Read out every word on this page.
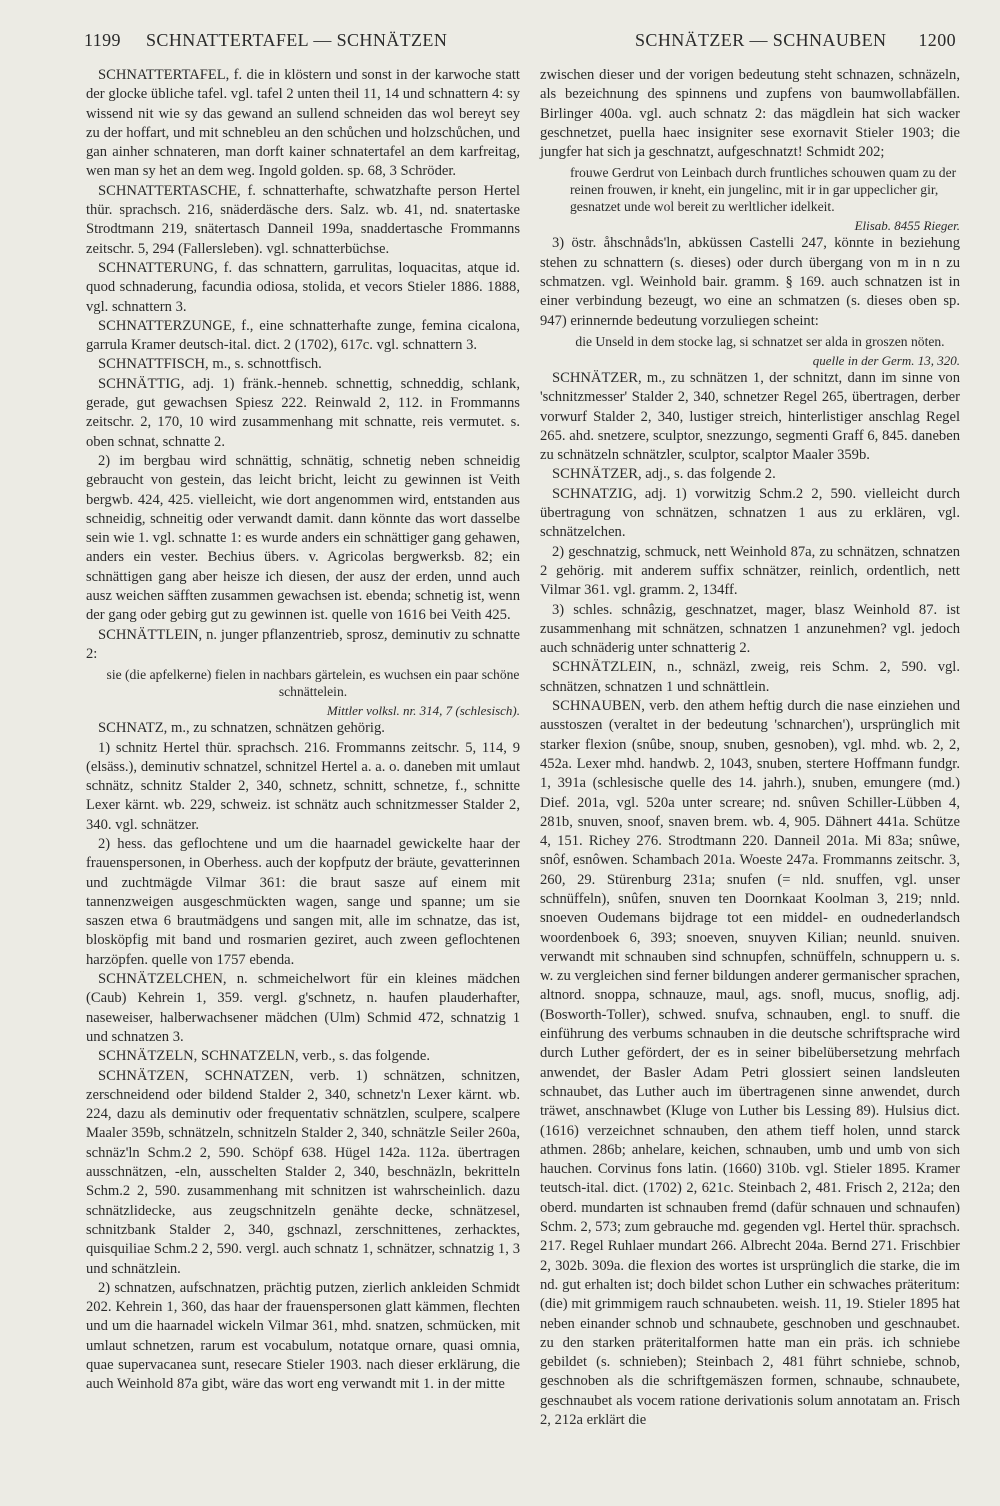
1199 SCHNATTERTAFEL — SCHNÄTZEN	SCHNÄTZER — SCHNAUBEN 1200
SCHNATTERTAFEL, f. die in klöstern und sonst in der karwoche statt der glocke übliche tafel. vgl. tafel 2 unten theil 11, 14 und schnattern 4: sy wissend nit wie sy das gewand an sullend schneiden das wol bereyt sey zu der hoffart, und mit schnebleu an den schůchen und holzschůchen, und gan ainher schnateren, man dorft kainer schnatertafel an dem karfreitag, wen man sy het an dem weg. Ingold golden. sp. 68, 3 Schröder.
SCHNATTERTASCHE, f. schnatterhafte, schwatzhafte person Hertel thür. sprachsch. 216, snäderdäsche ders. Salz. wb. 41, nd. snatertaske Strodtmann 219, snätertasch Danneil 199a, snaddertasche Frommanns zeitschr. 5, 294 (Fallersleben). vgl. schnatterbüchse.
SCHNATTERUNG, f. das schnattern, garrulitas, loquacitas, atque id. quod schnaderung, facundia odiosa, stolida, et vecors Stieler 1886. 1888, vgl. schnattern 3.
SCHNATTERZUNGE, f., eine schnatterhafte zunge, femina cicalona, garrula Kramer deutsch-ital. dict. 2 (1702), 617c. vgl. schnattern 3.
SCHNATTFISCH, m., s. schnottfisch.
SCHNÄTTIG, adj. 1) fränk.-henneb. schnettig, schneddig, schlank, gerade, gut gewachsen Spiesz 222. Reinwald 2, 112. in Frommanns zeitschr. 2, 170, 10 wird zusammenhang mit schnatte, reis vermutet. s. oben schnat, schnatte 2.
2) im bergbau wird schnättig, schnätig, schnetig neben schneidig gebraucht von gestein, das leicht bricht, leicht zu gewinnen ist Veith bergwb. 424, 425. vielleicht, wie dort angenommen wird, entstanden aus schneidig, schneitig oder verwandt damit. dann könnte das wort dasselbe sein wie 1. vgl. schnatte 1: es wurde anders ein schnättiger gang gehawen, anders ein vester. Bechius übers. v. Agricolas bergwerksb. 82; ein schnättigen gang aber heisze ich diesen, der ausz der erden, unnd auch ausz weichen säfften zusammen gewachsen ist. ebenda; schnetig ist, wenn der gang oder gebirg gut zu gewinnen ist. quelle von 1616 bei Veith 425.
SCHNÄTTLEIN, n. junger pflanzentrieb, sprosz, deminutiv zu schnatte 2:
sie (die apfelkerne) fielen in nachbars gärtelein, es wuchsen ein paar schöne schnättelein.
Mittler volksl. nr. 314, 7 (schlesisch).
SCHNATZ, m., zu schnatzen, schnätzen gehörig.
1) schnitz Hertel thür. sprachsch. 216. Frommanns zeitschr. 5, 114, 9 (elsäss.), deminutiv schnatzel, schnitzel Hertel a. a. o. daneben mit umlaut schnätz, schnitz Stalder 2, 340, schnetz, schnitt, schnetze, f., schnitte Lexer kärnt. wb. 229, schweiz. ist schnätz auch schnitzmesser Stalder 2, 340. vgl. schnätzer.
2) hess. das geflochtene und um die haarnadel gewickelte haar der frauenspersonen, in Oberhess. auch der kopfputz der bräute, gevatterinnen und zuchtmägde Vilmar 361: die braut sasze auf einem mit tannenzweigen ausgeschmückten wagen, sange und spanne; um sie saszen etwa 6 brautmädgens und sangen mit, alle im schnatze, das ist, blosköpfig mit band und rosmarien geziret, auch zween geflochtenen harzöpfen. quelle von 1757 ebenda.
SCHNÄTZELCHEN, n. schmeichelwort für ein kleines mädchen (Caub) Kehrein 1, 359. vergl. g'schnetz, n. haufen plauderhafter, naseweiser, halberwachsener mädchen (Ulm) Schmid 472, schnatzig 1 und schnatzen 3.
SCHNÄTZELN, SCHNATZELN, verb., s. das folgende.
SCHNÄTZEN, SCHNATZEN, verb. 1) schnätzen, schnitzen, zerschneidend oder bildend Stalder 2, 340, schnetz'n Lexer kärnt. wb. 224, dazu als deminutiv oder frequentativ schnätzlen, sculpere, scalpere Maaler 359b, schnätzeln, schnitzeln Stalder 2, 340, schnätzle Seiler 260a, schnäz'ln Schm.2 2, 590. Schöpf 638. Hügel 142a. 112a. übertragen ausschnätzen, -eln, ausschelten Stalder 2, 340, beschnäzln, bekritteln Schm.2 2, 590. zusammenhang mit schnitzen ist wahrscheinlich. dazu schnätzlidecke, aus zeugschnitzeln genähte decke, schnätzesel, schnitzbank Stalder 2, 340, gschnazl, zerschnittenes, zerhacktes, quisquiliae Schm.2 2, 590. vergl. auch schnatz 1, schnätzer, schnatzig 1, 3 und schnätzlein.
2) schnatzen, aufschnatzen, prächtig putzen, zierlich ankleiden Schmidt 202. Kehrein 1, 360, das haar der frauenspersonen glatt kämmen, flechten und um die haarnadel wickeln Vilmar 361, mhd. snatzen, schmücken, mit umlaut schnetzen, rarum est vocabulum, notatque ornare, quasi omnia, quae supervacanea sunt, resecare Stieler 1903. nach dieser erklärung, die auch Weinhold 87a gibt, wäre das wort eng verwandt mit 1. in der mitte
zwischen dieser und der vorigen bedeutung steht schnazen, schnäzeln, als bezeichnung des spinnens und zupfens von baumwollabfällen. Birlinger 400a. vgl. auch schnatz 2: das mägdlein hat sich wacker geschnetzet, puella haec insigniter sese exornavit Stieler 1903; die jungfer hat sich ja geschnatzt, aufgeschnatzt! Schmidt 202;
frouwe Gerdrut von Leinbach durch fruntliches schouwen quam zu der reinen frouwen, ir kneht, ein jungelinc, mit ir in gar uppeclicher gir, gesnatzet unde wol bereit zu werltlicher idelkeit.
Elisab. 8455 Rieger.
3) östr. åhschnåds'ln, abküssen Castelli 247, könnte in beziehung stehen zu schnattern (s. dieses) oder durch übergang von m in n zu schmatzen. vgl. Weinhold bair. gramm. § 169. auch schnatzen ist in einer verbindung bezeugt, wo eine an schmatzen (s. dieses oben sp. 947) erinnernde bedeutung vorzuliegen scheint:
die Unseld in dem stocke lag, si schnatzet ser alda in groszen nöten.
quelle in der Germ. 13, 320.
SCHNÄTZER, m., zu schnätzen 1, der schnitzt, dann im sinne von 'schnitzmesser' Stalder 2, 340, schnetzer Regel 265, übertragen, derber vorwurf Stalder 2, 340, lustiger streich, hinterlistiger anschlag Regel 265. ahd. snetzere, sculptor, snezzungo, segmenti Graff 6, 845. daneben zu schnätzeln schnätzler, sculptor, scalptor Maaler 359b.
SCHNÄTZER, adj., s. das folgende 2.
SCHNATZIG, adj. 1) vorwitzig Schm.2 2, 590. vielleicht durch übertragung von schnätzen, schnatzen 1 aus zu erklären, vgl. schnätzelchen.
2) geschnatzig, schmuck, nett Weinhold 87a, zu schnätzen, schnatzen 2 gehörig. mit anderem suffix schnätzer, reinlich, ordentlich, nett Vilmar 361. vgl. gramm. 2, 134ff.
3) schles. schnâzig, geschnatzet, mager, blasz Weinhold 87. ist zusammenhang mit schnätzen, schnatzen 1 anzunehmen? vgl. jedoch auch schnäderig unter schnatterig 2.
SCHNÄTZLEIN, n., schnäzl, zweig, reis Schm. 2, 590. vgl. schnätzen, schnatzen 1 und schnättlein.
SCHNAUBEN, verb. den athem heftig durch die nase einziehen und ausstoszen (veraltet in der bedeutung 'schnarchen'), ursprünglich mit starker flexion (snûbe, snoup, snuben, gesnoben), vgl. mhd. wb. 2, 2, 452a. Lexer mhd. handwb. 2, 1043, snuben, stertere Hoffmann fundgr. 1, 391a (schlesische quelle des 14. jahrh.), snuben, emungere (md.) Dief. 201a, vgl. 520a unter screare; nd. snûven Schiller-Lübben 4, 281b, snuven, snoof, snaven brem. wb. 4, 905. Dähnert 441a. Schütze 4, 151. Richey 276. Strodtmann 220. Danneil 201a. Mi 83a; snûwe, snôf, esnôwen. Schambach 201a. Woeste 247a. Frommanns zeitschr. 3, 260, 29. Stürenburg 231a; snufen (= nld. snuffen, vgl. unser schnüffeln), snûfen, snuven ten Doornkaat Koolman 3, 219; nnld. snoeven Oudemans bijdrage tot een middel- en oudnederlandsch woordenboek 6, 393; snoeven, snuyven Kilian; neunld. snuiven. verwandt mit schnauben sind schnupfen, schnüffeln, schnuppern u. s. w. zu vergleichen sind ferner bildungen anderer germanischer sprachen, altnord. snoppa, schnauze, maul, ags. snofl, mucus, snoflig, adj. (Bosworth-Toller), schwed. snufva, schnauben, engl. to snuff. die einführung des verbums schnauben in die deutsche schriftsprache wird durch Luther gefördert, der es in seiner bibelübersetzung mehrfach anwendet, der Basler Adam Petri glossiert seinen landsleuten schnaubet, das Luther auch im übertragenen sinne anwendet, durch träwet, anschnawbet (Kluge von Luther bis Lessing 89). Hulsius dict. (1616) verzeichnet schnauben, den athem tieff holen, unnd starck athmen. 286b; anhelare, keichen, schnauben, umb und umb von sich hauchen. Corvinus fons latin. (1660) 310b. vgl. Stieler 1895. Kramer teutsch-ital. dict. (1702) 2, 621c. Steinbach 2, 481. Frisch 2, 212a; den oberd. mundarten ist schnauben fremd (dafür schnauen und schnaufen) Schm. 2, 573; zum gebrauche md. gegenden vgl. Hertel thür. sprachsch. 217. Regel Ruhlaer mundart 266. Albrecht 204a. Bernd 271. Frischbier 2, 302b. 309a. die flexion des wortes ist ursprünglich die starke, die im nd. gut erhalten ist; doch bildet schon Luther ein schwaches präteritum: (die) mit grimmigem rauch schnaubeten. weish. 11, 19. Stieler 1895 hat neben einander schnob und schnaubete, geschnoben und geschnaubet. zu den starken präteritalformen hatte man ein präs. ich schniebe gebildet (s. schnieben); Steinbach 2, 481 führt schniebe, schnob, geschnoben als die schriftgemäszen formen, schnaube, schnaubete, geschnaubet als vocem ratione derivationis solum annotatam an. Frisch 2, 212a erklärt die
